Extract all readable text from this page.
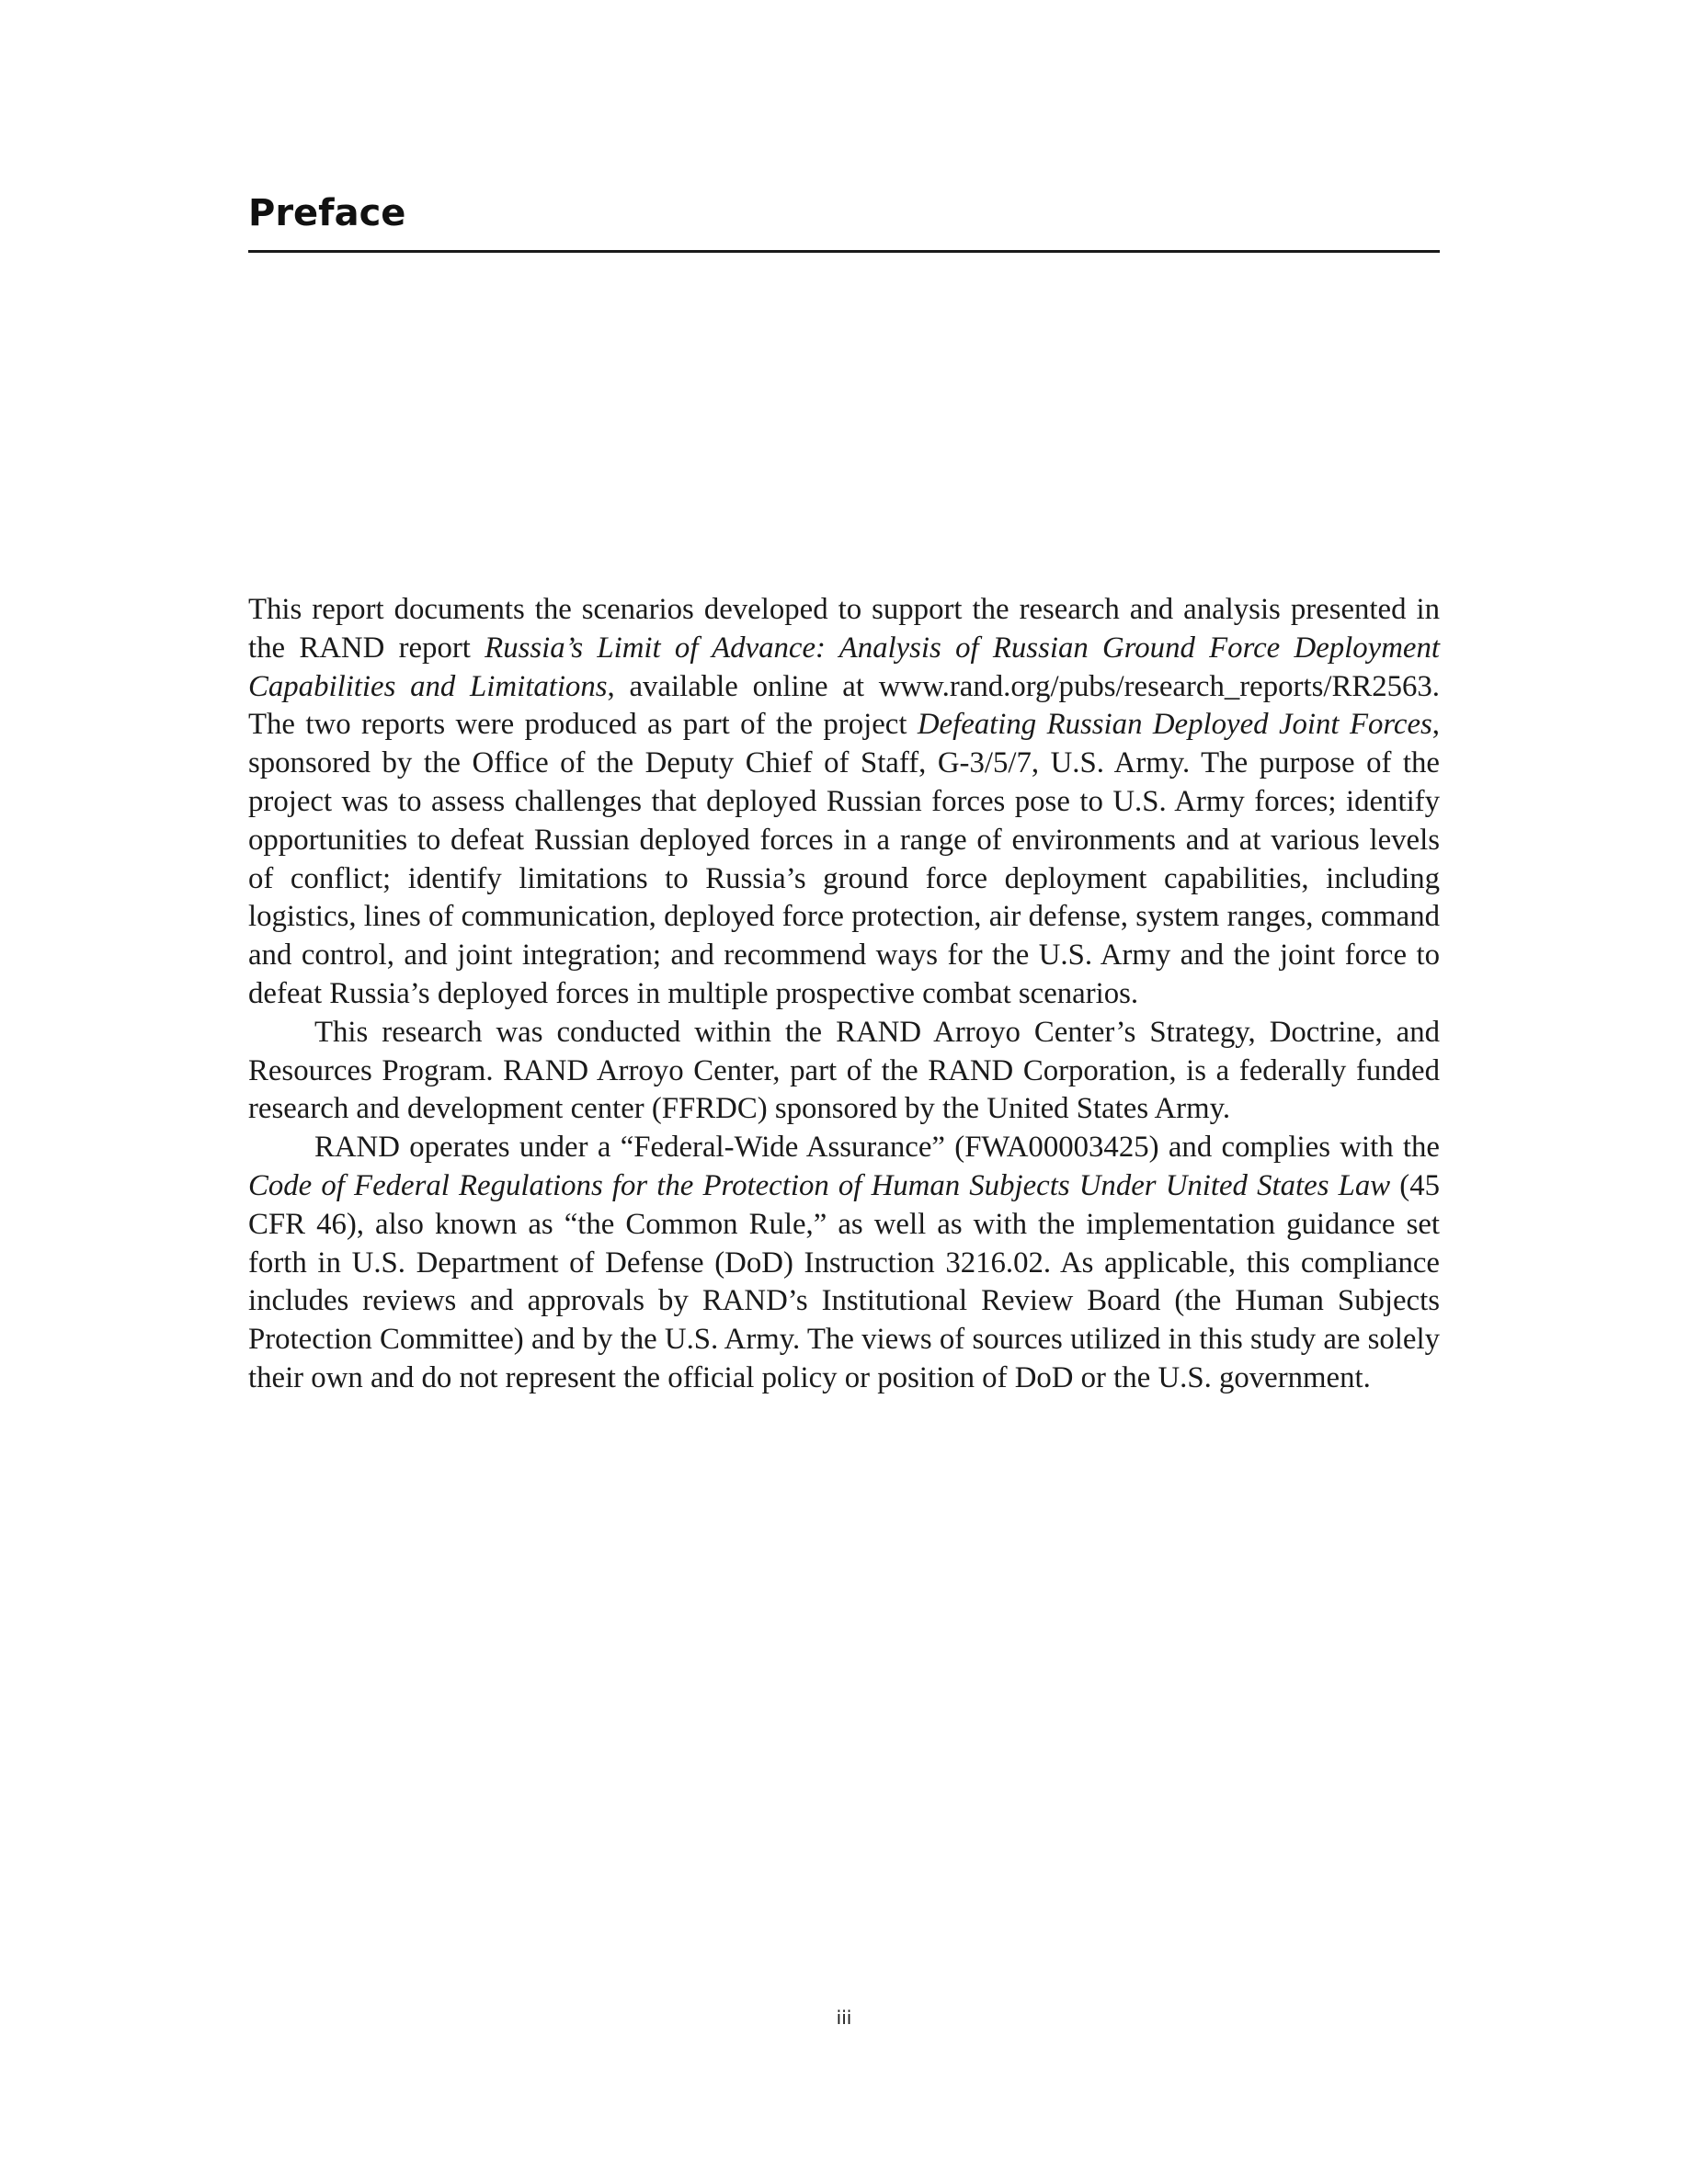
Preface

This report documents the scenarios developed to support the research and analysis presented in the RAND report Russia’s Limit of Advance: Analysis of Russian Ground Force Deployment Capabilities and Limitations, available online at www.rand.org/pubs/research_reports/RR2563. The two reports were produced as part of the project Defeating Russian Deployed Joint Forces, sponsored by the Office of the Deputy Chief of Staff, G-3/5/7, U.S. Army. The purpose of the project was to assess challenges that deployed Russian forces pose to U.S. Army forces; identify opportunities to defeat Russian deployed forces in a range of environments and at various levels of conflict; identify limitations to Russia’s ground force deployment capabilities, including logistics, lines of communication, deployed force protection, air defense, system ranges, command and control, and joint integration; and recommend ways for the U.S. Army and the joint force to defeat Russia’s deployed forces in multiple prospective combat scenarios.

This research was conducted within the RAND Arroyo Center’s Strategy, Doctrine, and Resources Program. RAND Arroyo Center, part of the RAND Corporation, is a federally funded research and development center (FFRDC) sponsored by the United States Army.

RAND operates under a “Federal-Wide Assurance” (FWA00003425) and complies with the Code of Federal Regulations for the Protection of Human Subjects Under United States Law (45 CFR 46), also known as “the Common Rule,” as well as with the implementation guidance set forth in U.S. Department of Defense (DoD) Instruction 3216.02. As applicable, this compliance includes reviews and approvals by RAND’s Institutional Review Board (the Human Subjects Protection Committee) and by the U.S. Army. The views of sources utilized in this study are solely their own and do not represent the official policy or position of DoD or the U.S. government.

iii
